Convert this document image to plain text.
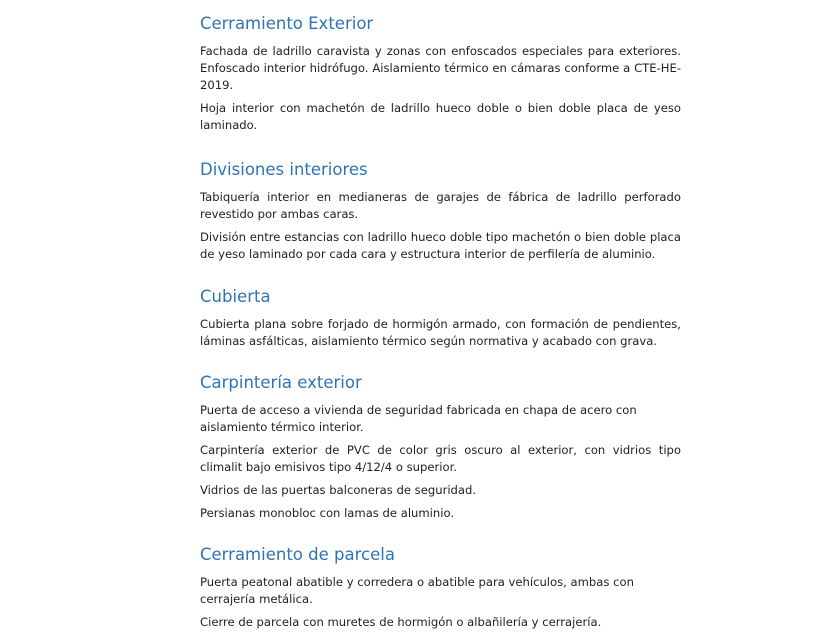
Cerramiento Exterior

Fachada de ladrillo caravista y zonas con enfoscados especiales para exteriores. Enfoscado interior hidrófugo. Aislamiento térmico en cámaras conforme a CTE-HE-2019.

Hoja interior con machetón de ladrillo hueco doble o bien doble placa de yeso laminado.

Divisiones interiores

Tabiquería interior en medianeras de garajes de fábrica de ladrillo perforado revestido por ambas caras.

División entre estancias con ladrillo hueco doble tipo machetón o bien doble placa de yeso laminado por cada cara y estructura interior de perfilería de aluminio.

Cubierta

Cubierta plana sobre forjado de hormigón armado, con formación de pendientes, láminas asfálticas, aislamiento térmico según normativa y acabado con grava.

Carpintería exterior

Puerta de acceso a vivienda de seguridad fabricada en chapa de acero con aislamiento térmico interior.

Carpintería exterior de PVC de color gris oscuro al exterior, con vidrios tipo climalit bajo emisivos tipo 4/12/4 o superior.

Vidrios de las puertas balconeras de seguridad.

Persianas monobloc con lamas de aluminio.

Cerramiento de parcela

Puerta peatonal abatible y corredera o abatible para vehículos, ambas con cerrajería metálica.

Cierre de parcela con muretes de hormigón o albañilería y cerrajería.
